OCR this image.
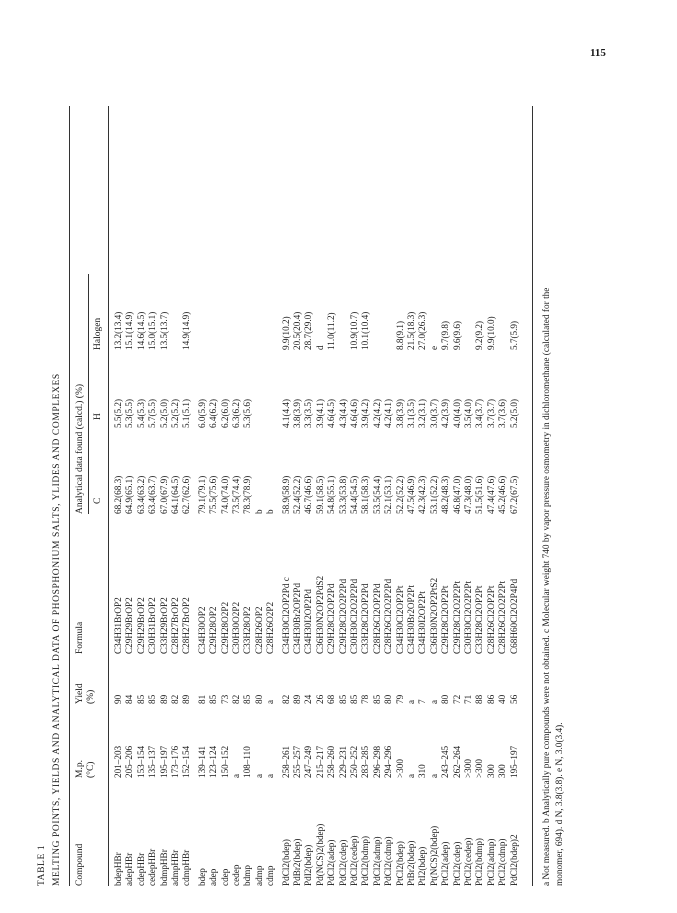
115
TABLE 1 MELTING POINTS, YIELDS AND ANALYTICAL DATA OF PHOSPHONIUM SALTS, YLIDES AND COMPLEXES Compound
M.p. (°C)
Yield (%)
Formula
Analytical data found (calcd.) (%) C
H
Halogen
bdepHBr
201–203
90
C34H31BrOP2
68.2(68.3)
5.5(5.2)
13.2(13.4)
adepHBr
205–206
84
C29H29BrOP2
64.9(65.1)
5.3(5.5)
15.1(14.9)
cdepHBr
153–154
85
C29H29BrOP2
63.4(63.2)
5.4(5.3)
14.6(14.5)
cedepHBr
135–137
85
C30H31BrOP2
63.4(63.7)
5.7(5.5)
15.0(15.1)
bdmpHBr
195–197
89
C33H29BrOP2
67.0(67.9)
5.2(5.0)
13.5(13.7)
admpHBr
173–176
82
C28H27BrOP2
64.1(64.5)
5.2(5.2)
cdmpHBr
152–154
89
C28H27BrOP2
62.7(62.6)
5.1(5.1)
14.9(14.9)
bdep
139–141
81
C34H30OP2
79.1(79.1)
6.0(5.9)
adep
123–124
85
C29H28OP2
75.5(75.6)
6.4(6.2)
cdep
150–152
73
C29H28O2P2
74.0(74.0)
6.2(6.0)
cedep
a
82
C30H30O2P2
73.5(74.4)
6.3(6.2)
bdmp
108–110
85
C33H28OP2
78.3(78.9)
5.3(5.6)
admp
a
80
C28H26OP2
b
cdmp
a
a
C28H26O2P2
b
PdCl2(bdep)
258–261
82
C34H30Cl2OP2Pd c
58.9(58.9)
4.1(4.4)
9.9(10.2)
PdBr2(bdep)
255–257
89
C34H30Br2OP2Pd
52.4(52.2)
3.8(3.9)
20.5(20.4)
PdI2(bdep)
247–249
24
C34H30I2OP2Pd
46.7(46.6)
3.3(3.5)
28.7(29.0)
Pd(NCS)2(bdep)
215–217
26
C36H30N2OP2PdS2
59.1(58.5)
3.9(4.1)
d
PdCl2(adep)
258–260
68
C29H28Cl2OP2Pd
54.8(55.1)
4.6(4.5)
11.0(11.2)
PdCl2(cdep)
229–231
85
C29H28Cl2O2P2Pd
53.3(53.8)
4.3(4.4)
PdCl2(cedep)
250–252
85
C30H30Cl2O2P2Pd
54.4(54.5)
4.6(4.6)
10.9(10.7)
PdCl2(bdmp)
283–285
78
C33H28Cl2OP2Pd
58.1(58.3)
3.9(4.2)
10.1(10.4)
PdCl2(admp)
296–298
85
C28H26Cl2OP2Pd
53.5(54.4)
4.2(4.2)
PdCl2(cdmp)
294–296
80
C28H26Cl2O2P2Pd
52.1(53.1)
4.2(4.1)
PtCl2(bdep)
>300
79
C34H30Cl2OP2Pt
52.2(52.2)
3.8(3.9)
8.8(9.1)
PtBr2(bdep)
a
a
C34H30Br2OP2Pt
47.5(46.9)
3.1(3.5)
21.5(18.3)
PtI2(bdep)
310
7
C34H30I2OP2Pt
42.3(42.3)
3.2(3.1)
27.0(26.3)
Pt(NCS)2(bdep)
a
a
C36H30N2OP2PtS2
53.1(52.2)
3.0(3.7)
e
PtCl2(adep)
243–245
80
C29H28Cl2OP2Pt
48.2(48.3)
4.2(3.9)
9.7(9.8)
PtCl2(cdep)
262–264
72
C29H28Cl2O2P2Pt
46.8(47.0)
4.0(4.0)
9.6(9.6)
PtCl2(cedep)
>300
71
C30H30Cl2O2P2Pt
47.3(48.0)
3.5(4.0)
PtCl2(bdmp)
>300
88
C33H28Cl2OP2Pt
51.5(51.6)
3.4(3.7)
9.2(9.2)
PtCl2(admp)
300
86
C28H26Cl2OP2Pt
47.4(47.6)
3.7(3.7)
9.9(10.0)
PtCl2(cdmp)
300
40
C28H26Cl2O2P2Pt
45.2(46.6)
3.7(3.6)
PdCl2(bdep)2
195–197
56
C68H60Cl2O2P4Pd
67.2(67.5)
5.2(5.0)
5.7(5.9)	a Not measured. b Analytically pure compounds were not obtained. c Molecular weight 740 by vapor pressure osmometry in dichloromethane (calculated for the monomer, 694). d N, 3.8(3.8). e N, 3.0(3.4).
